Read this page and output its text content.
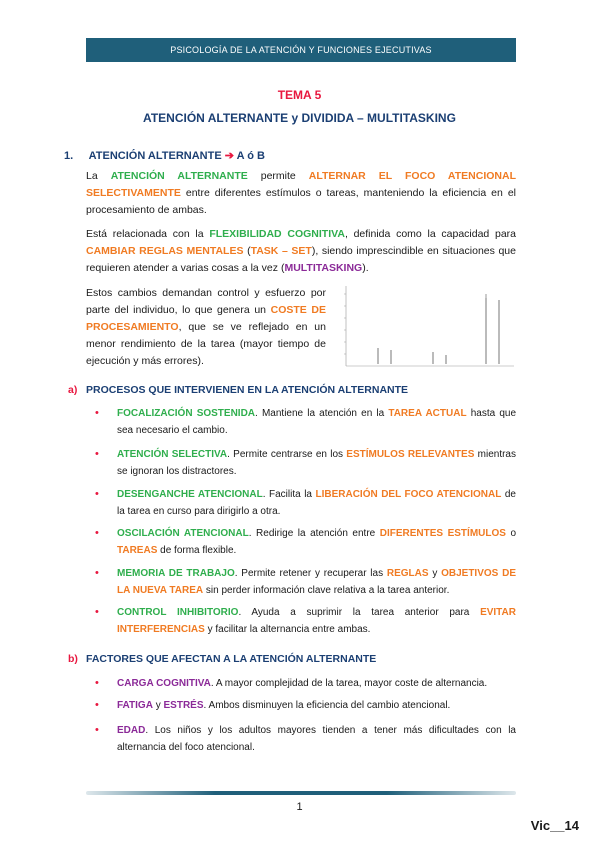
PSICOLOGÍA DE LA ATENCIÓN Y FUNCIONES EJECUTIVAS
TEMA 5
ATENCIÓN ALTERNANTE y DIVIDIDA – MULTITASKING
1. ATENCIÓN ALTERNANTE ➔ A ó B
La ATENCIÓN ALTERNANTE permite ALTERNAR EL FOCO ATENCIONAL SELECTIVAMENTE entre diferentes estímulos o tareas, manteniendo la eficiencia en el procesamiento de ambas.
Está relacionada con la FLEXIBILIDAD COGNITIVA, definida como la capacidad para CAMBIAR REGLAS MENTALES (TASK – SET), siendo imprescindible en situaciones que requieren atender a varias cosas a la vez (MULTITASKING).
Estos cambios demandan control y esfuerzo por parte del individuo, lo que genera un COSTE DE PROCESAMIENTO, que se ve reflejado en un menor rendimiento de la tarea (mayor tiempo de ejecución y más errores).
a) PROCESOS QUE INTERVIENEN EN LA ATENCIÓN ALTERNANTE
• FOCALIZACIÓN SOSTENIDA. Mantiene la atención en la TAREA ACTUAL hasta que sea necesario el cambio.
• ATENCIÓN SELECTIVA. Permite centrarse en los ESTÍMULOS RELEVANTES mientras se ignoran los distractores.
• DESENGANCHE ATENCIONAL. Facilita la LIBERACIÓN DEL FOCO ATENCIONAL de la tarea en curso para dirigirlo a otra.
• OSCILACIÓN ATENCIONAL. Redirige la atención entre DIFERENTES ESTÍMULOS o TAREAS de forma flexible.
• MEMORIA DE TRABAJO. Permite retener y recuperar las REGLAS y OBJETIVOS DE LA NUEVA TAREA sin perder información clave relativa a la tarea anterior.
• CONTROL INHIBITORIO. Ayuda a suprimir la tarea anterior para EVITAR INTERFERENCIAS y facilitar la alternancia entre ambas.
b) FACTORES QUE AFECTAN A LA ATENCIÓN ALTERNANTE
• CARGA COGNITIVA. A mayor complejidad de la tarea, mayor coste de alternancia.
• FATIGA y ESTRÉS. Ambos disminuyen la eficiencia del cambio atencional.
• EDAD. Los niños y los adultos mayores tienden a tener más dificultades con la alternancia del foco atencional.
1
Vic__14
